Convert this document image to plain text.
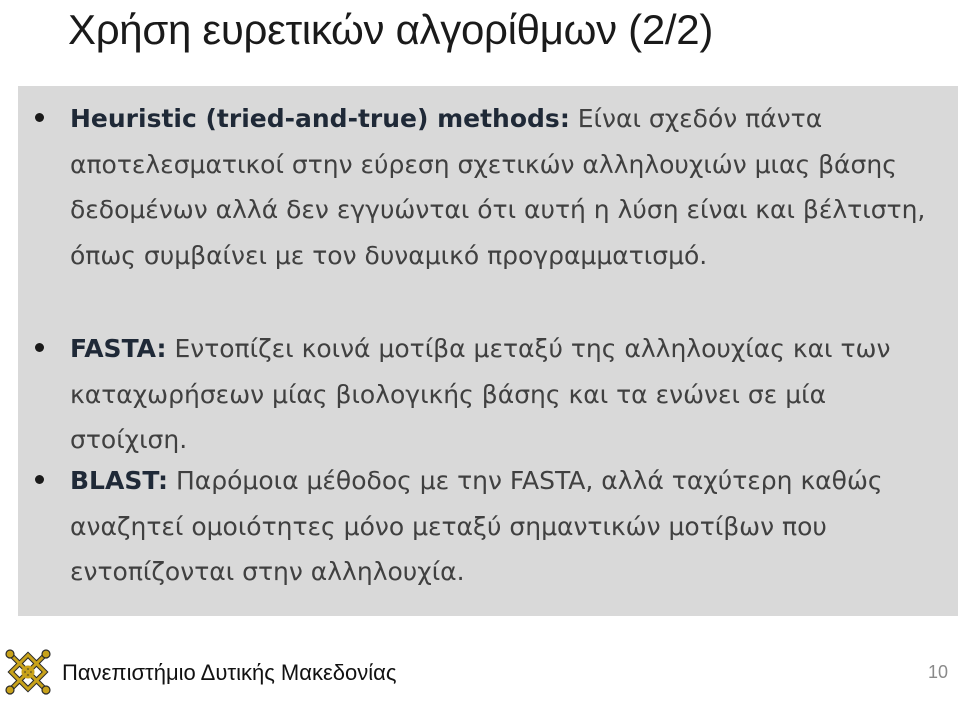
Χρήση ευρετικών αλγορίθμων (2/2)
Heuristic (tried-and-true) methods: Είναι σχεδόν πάντα αποτελεσματικοί στην εύρεση σχετικών αλληλουχιών μιας βάσης δεδομένων αλλά δεν εγγυώνται ότι αυτή η λύση είναι και βέλτιστη, όπως συμβαίνει με τον δυναμικό προγραμματισμό.
FASTA: Εντοπίζει κοινά μοτίβα μεταξύ της αλληλουχίας και των καταχωρήσεων μίας βιολογικής βάσης και τα ενώνει σε μία στοίχιση.
BLAST: Παρόμοια μέθοδος με την FASTA, αλλά ταχύτερη καθώς αναζητεί ομοιότητες μόνο μεταξύ σημαντικών μοτίβων που εντοπίζονται στην αλληλουχία.
Πανεπιστήμιο Δυτικής Μακεδονίας	10
